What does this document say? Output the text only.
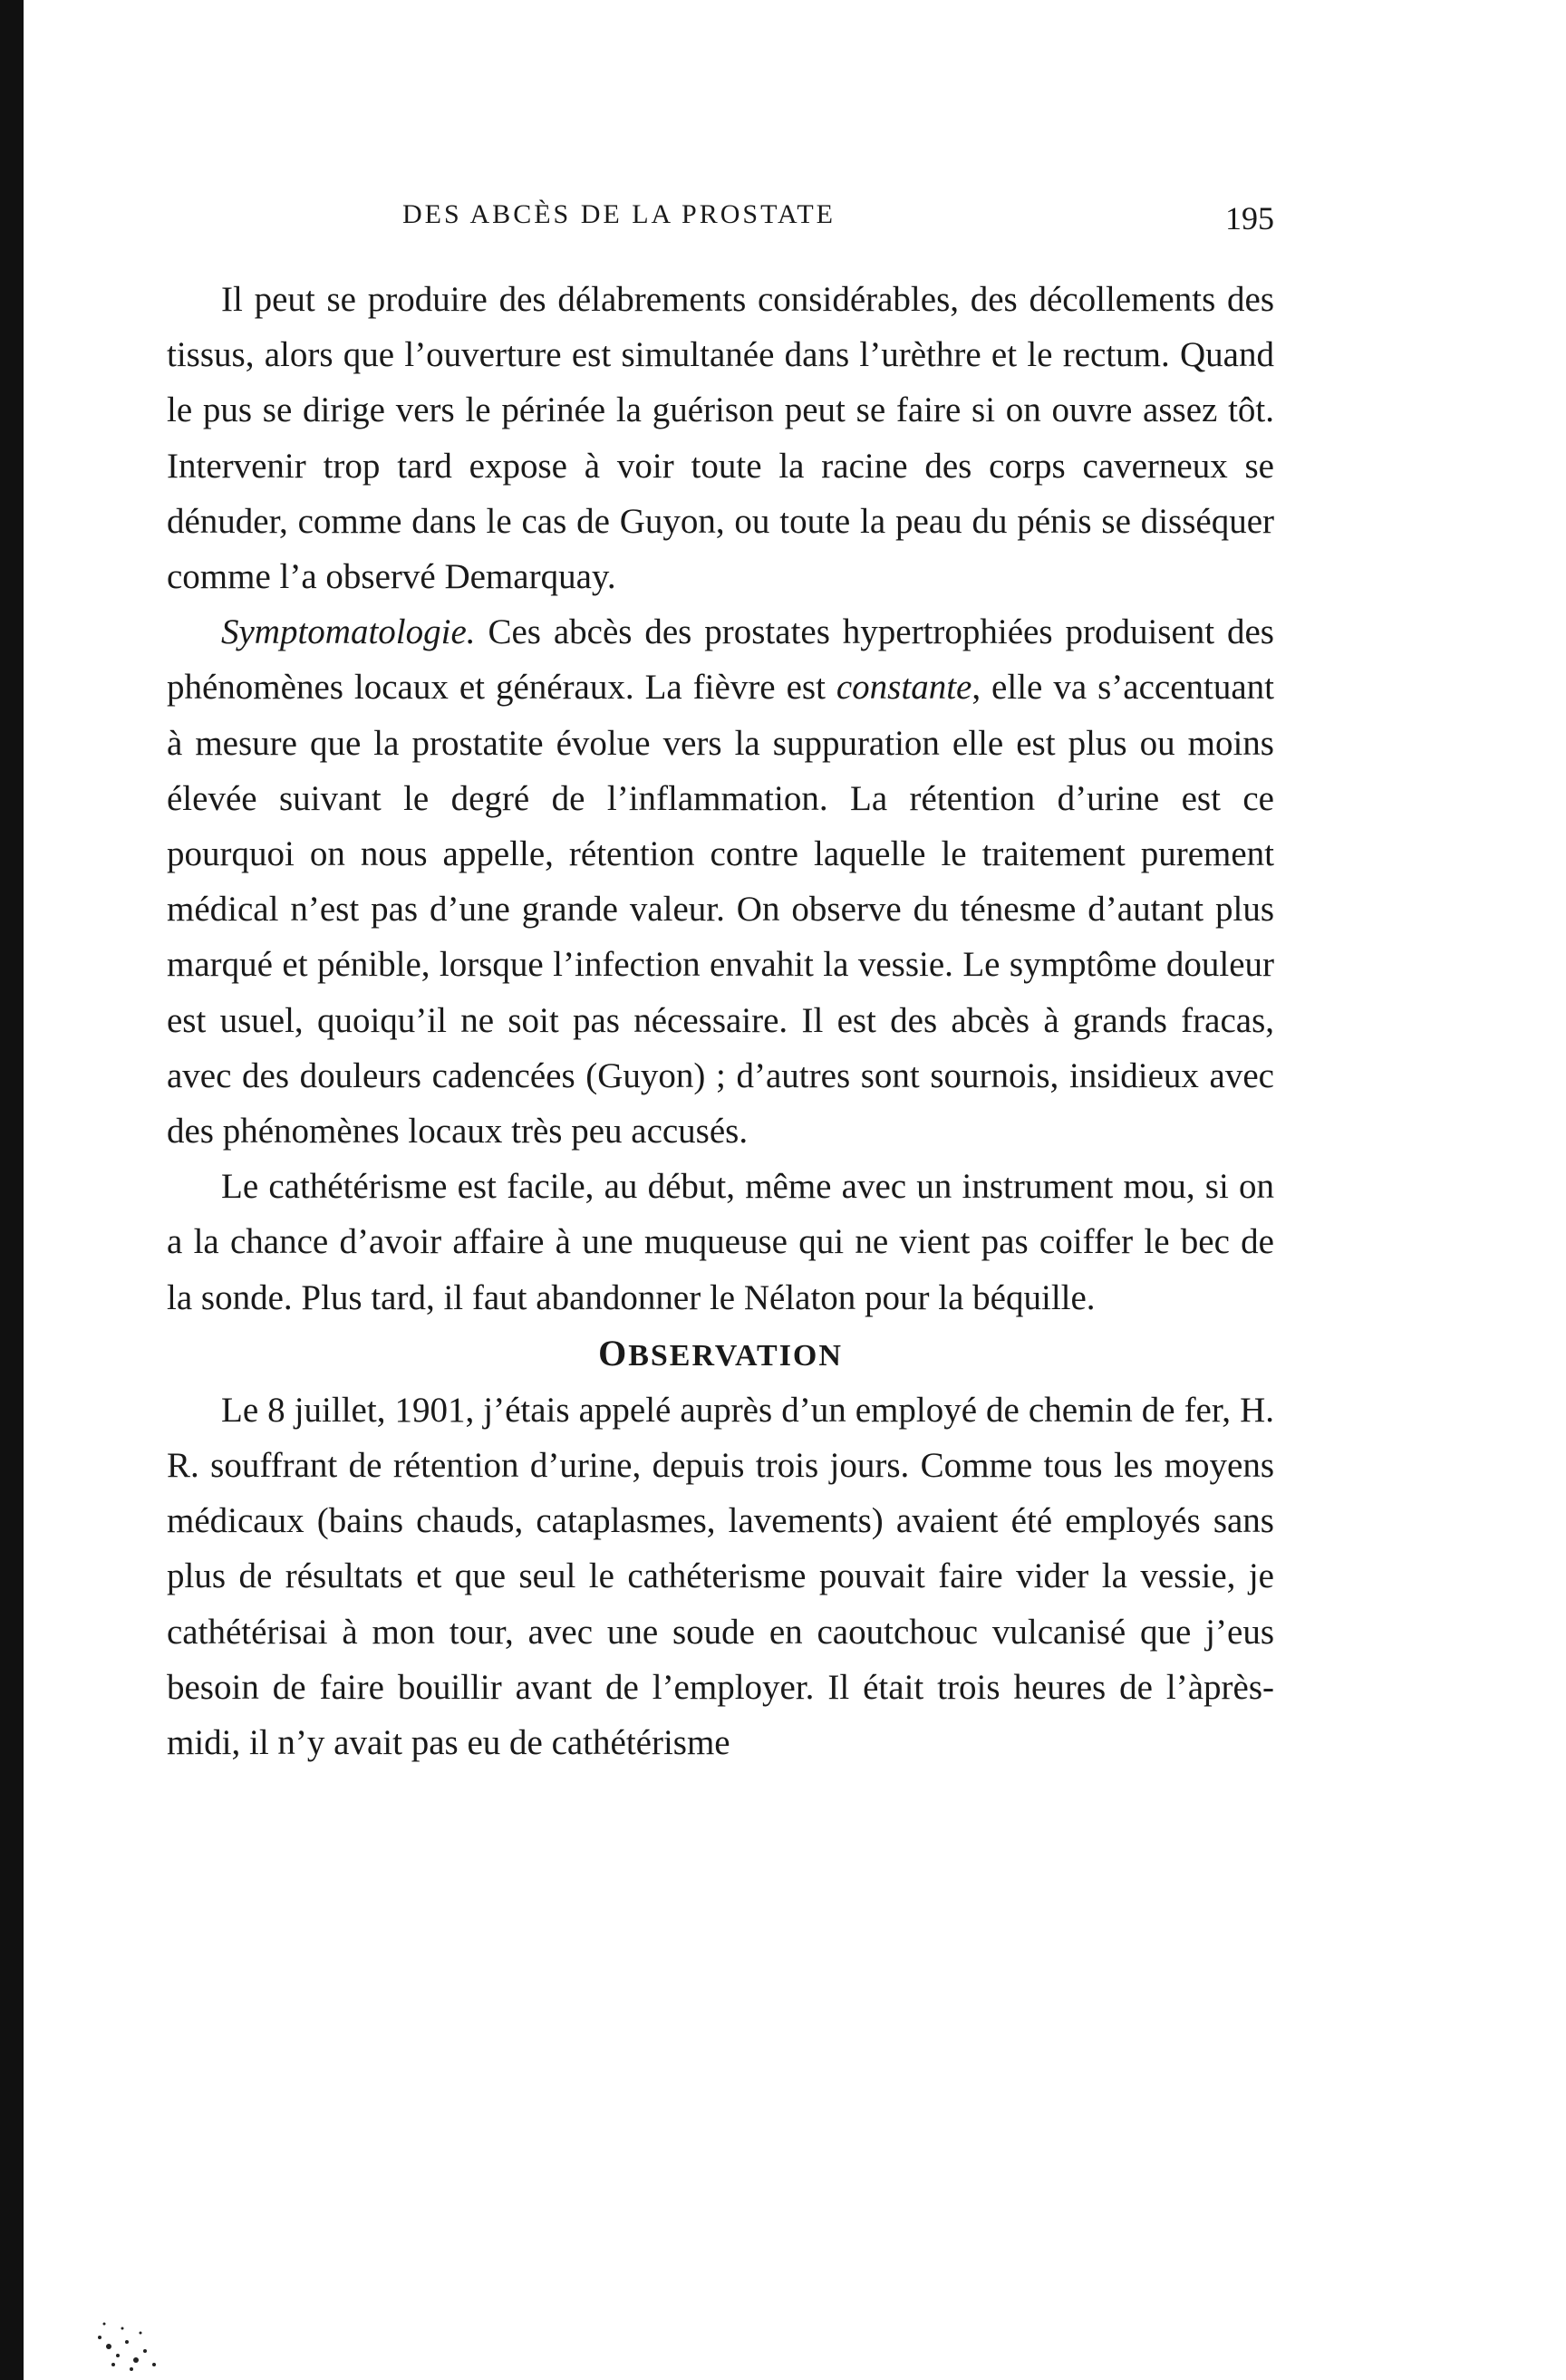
DES ABCÈS DE LA PROSTATE	195

Il peut se produire des délabrements considérables, des décollements des tissus, alors que l’ouverture est simultanée dans l’urèthre et le rectum. Quand le pus se dirige vers le périnée la guérison peut se faire si on ouvre assez tôt. Intervenir trop tard expose à voir toute la racine des corps caverneux se dénuder, comme dans le cas de Guyon, ou toute la peau du pénis se disséquer comme l’a observé Demarquay.

Symptomatologie. Ces abcès des prostates hypertrophiées produisent des phénomènes locaux et généraux. La fièvre est constante, elle va s’accentuant à mesure que la prostatite évolue vers la suppuration elle est plus ou moins élevée suivant le degré de l’inflammation. La rétention d’urine est ce pourquoi on nous appelle, rétention contre laquelle le traitement purement médical n’est pas d’une grande valeur. On observe du ténesme d’autant plus marqué et pénible, lorsque l’infection envahit la vessie. Le symptôme douleur est usuel, quoiqu’il ne soit pas nécessaire. Il est des abcès à grands fracas, avec des douleurs cadencées (Guyon) ; d’autres sont sournois, insidieux avec des phénomènes locaux très peu accusés.

Le cathétérisme est facile, au début, même avec un instrument mou, si on a la chance d’avoir affaire à une muqueuse qui ne vient pas coiffer le bec de la sonde. Plus tard, il faut abandonner le Nélaton pour la béquille.

OBSERVATION

Le 8 juillet, 1901, j’étais appelé auprès d’un employé de chemin de fer, H. R. souffrant de rétention d’urine, depuis trois jours. Comme tous les moyens médicaux (bains chauds, cataplasmes, lavements) avaient été employés sans plus de résultats et que seul le cathéterisme pouvait faire vider la vessie, je cathétérisai à mon tour, avec une soude en caoutchouc vulcanisé que j’eus besoin de faire bouillir avant de l’employer. Il était trois heures de l’àprès-midi, il n’y avait pas eu de cathétérisme
